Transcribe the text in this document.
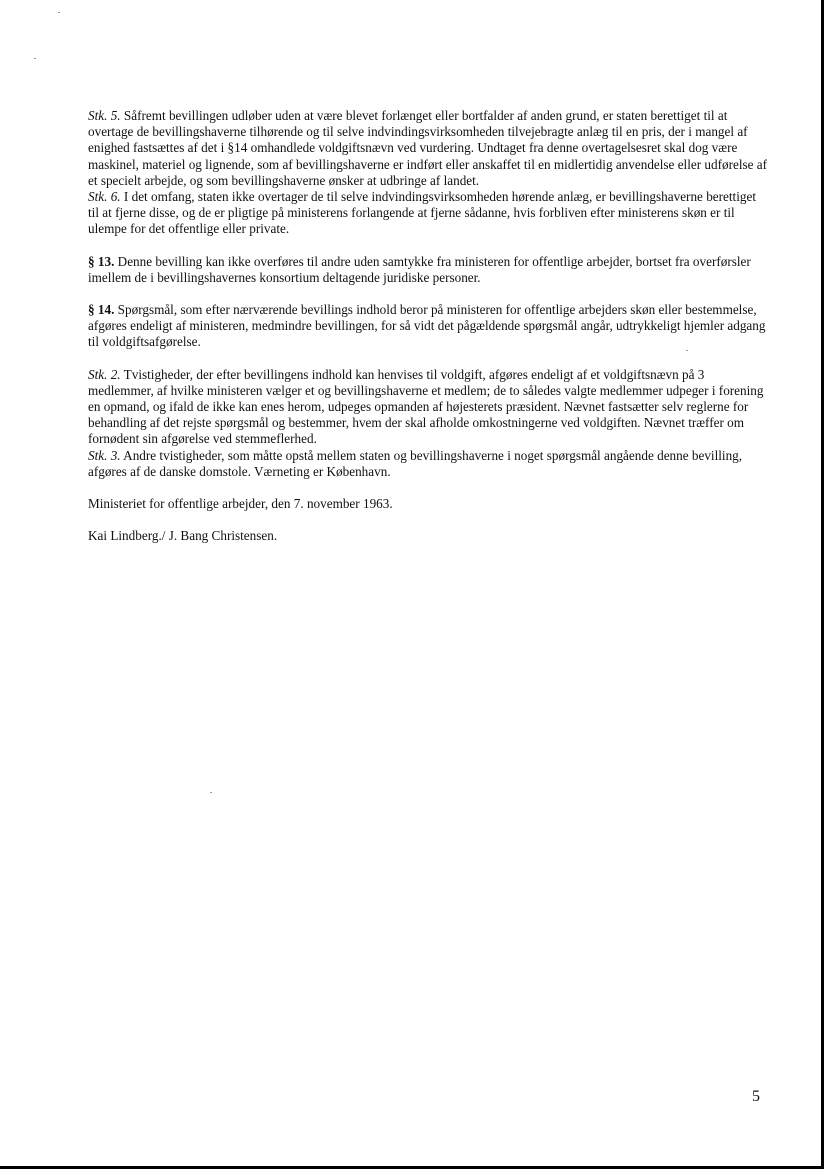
Stk. 5. Såfremt bevillingen udløber uden at være blevet forlænget eller bortfalder af anden grund, er staten berettiget til at overtage de bevillingshaverne tilhørende og til selve indvindingsvirksomheden tilvejebragte anlæg til en pris, der i mangel af enighed fastsættes af det i §14 omhandlede voldgiftsnævn ved vurdering. Undtaget fra denne overtagelsesret skal dog være maskinel, materiel og lignende, som af bevillingshaverne er indført eller anskaffet til en midlertidig anvendelse eller udførelse af et specielt arbejde, og som bevillingshaverne ønsker at udbringe af landet.

Stk. 6. I det omfang, staten ikke overtager de til selve indvindingsvirksomheden hørende anlæg, er bevillingshaverne berettiget til at fjerne disse, og de er pligtige på ministerens forlangende at fjerne sådanne, hvis forbliven efter ministerens skøn er til ulempe for det offentlige eller private.

§ 13. Denne bevilling kan ikke overføres til andre uden samtykke fra ministeren for offentlige arbejder, bortset fra overførsler imellem de i bevillingshavernes konsortium deltagende juridiske personer.

§ 14. Spørgsmål, som efter nærværende bevillings indhold beror på ministeren for offentlige arbejders skøn eller bestemmelse, afgøres endeligt af ministeren, medmindre bevillingen, for så vidt det pågældende spørgsmål angår, udtrykkeligt hjemler adgang til voldgiftsafgørelse.

Stk. 2. Tvistigheder, der efter bevillingens indhold kan henvises til voldgift, afgøres endeligt af et voldgiftsnævn på 3 medlemmer, af hvilke ministeren vælger et og bevillingshaverne et medlem; de to således valgte medlemmer udpeger i forening en opmand, og ifald de ikke kan enes herom, udpeges opmanden af højesterets præsident. Nævnet fastsætter selv reglerne for behandling af det rejste spørgsmål og bestemmer, hvem der skal afholde omkostningerne ved voldgiften. Nævnet træffer om fornødent sin afgørelse ved stemmeflerhed.

Stk. 3. Andre tvistigheder, som måtte opstå mellem staten og bevillingshaverne i noget spørgsmål angående denne bevilling, afgøres af de danske domstole. Værneting er København.

Ministeriet for offentlige arbejder, den 7. november 1963.

Kai Lindberg./ J. Bang Christensen.

5
